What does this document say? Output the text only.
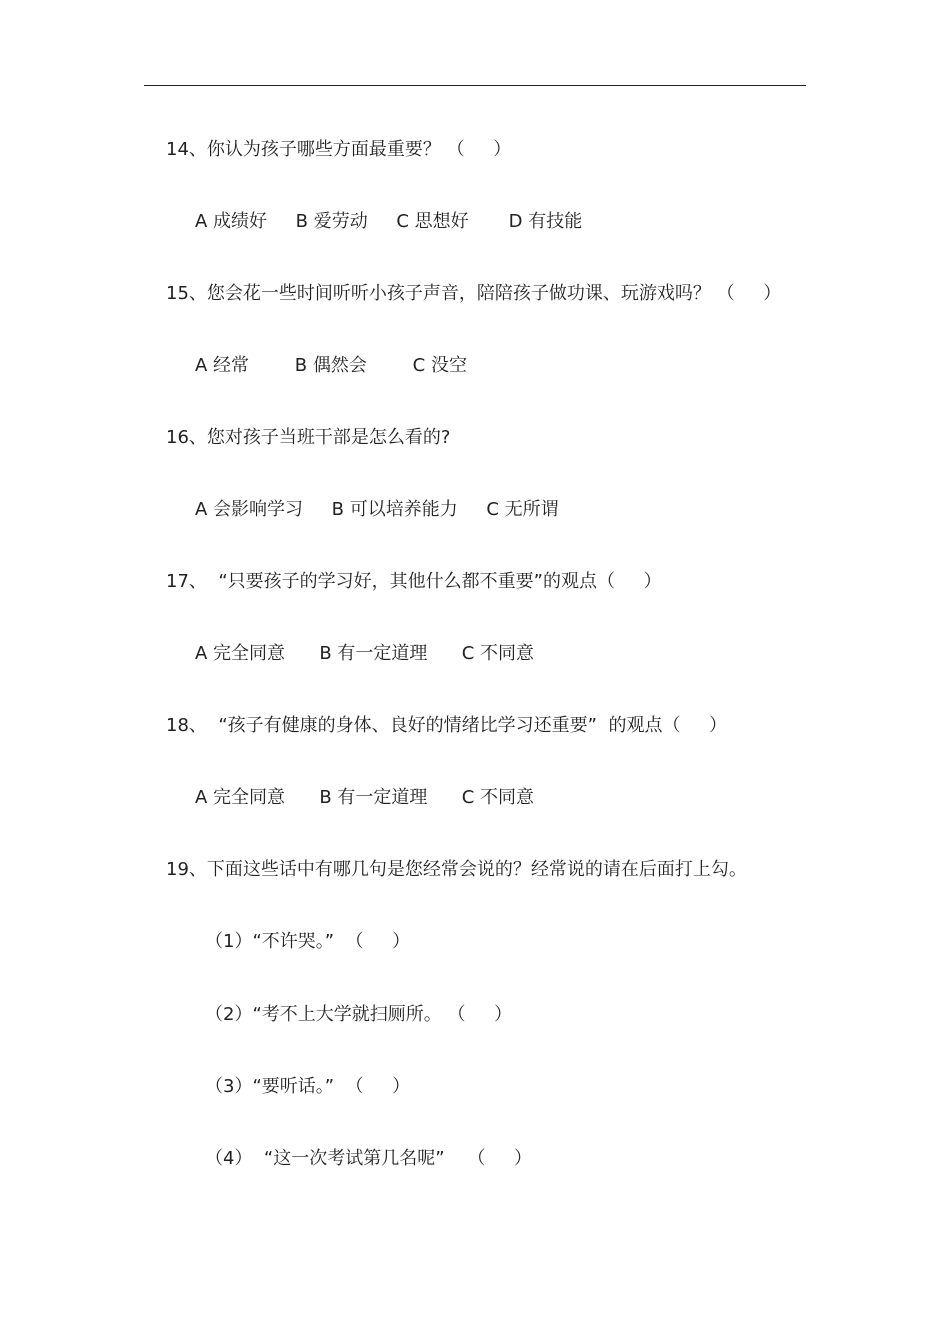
14、你认为孩子哪些方面最重要？ （     ）
A 成绩好     B 爱劳动     C 思想好       D 有技能
15、您会花一些时间听听小孩子声音，陪陪孩子做功课、玩游戏吗？ （     ）
A 经常        B 偶然会        C 没空
16、您对孩子当班干部是怎么看的?
A 会影响学习     B 可以培养能力     C 无所谓
17、  “只要孩子的学习好，其他什么都不重要”的观点（     ）
A 完全同意      B 有一定道理      C 不同意
18、  “孩子有健康的身体、良好的情绪比学习还重要”  的观点（     ）
A 完全同意      B 有一定道理      C 不同意
19、下面这些话中有哪几句是您经常会说的？经常说的请在后面打上勾。
（1）“不许哭。”  （     ）
（2）“考不上大学就扫厕所。 （     ）
（3）“要听话。”  （     ）
（4）  “这一次考试第几名呢”    （     ）
